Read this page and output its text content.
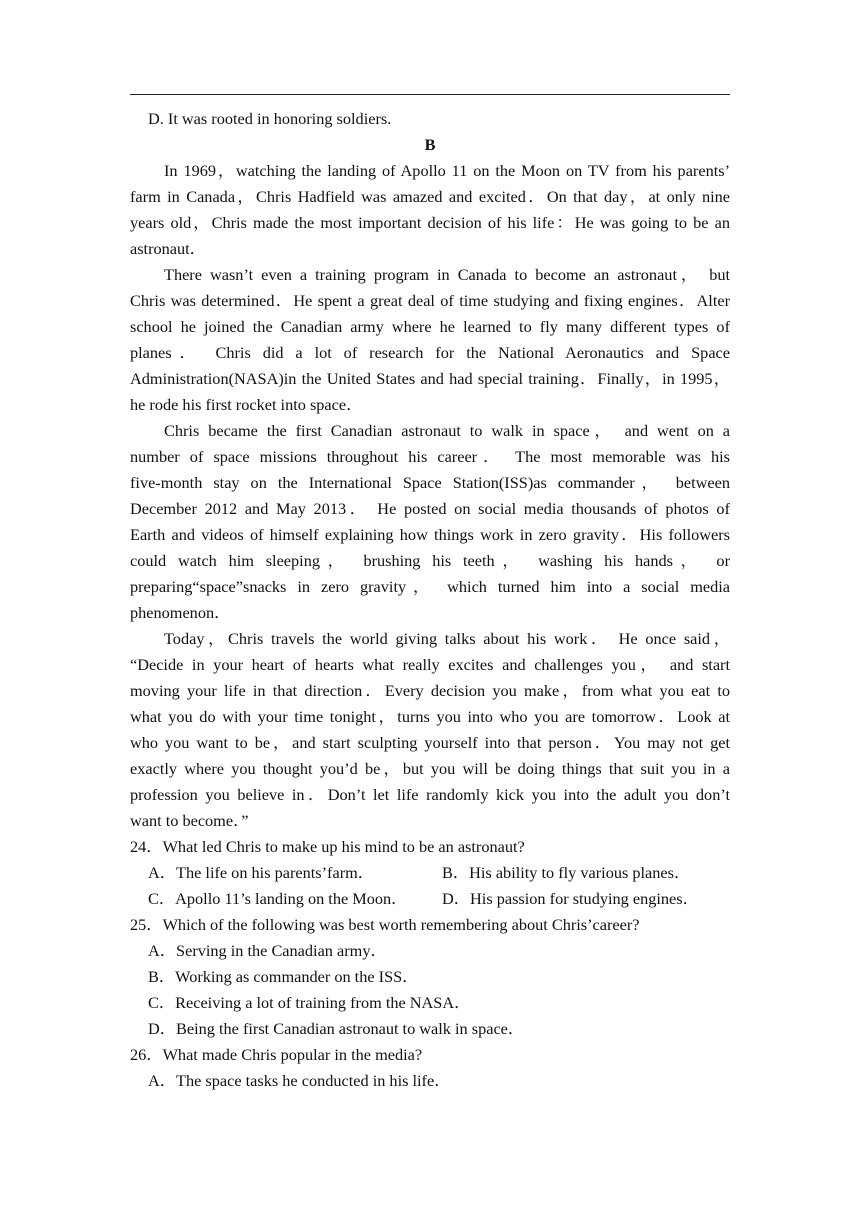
D. It was rooted in honoring soldiers.
B
In 1969，watching the landing of Apollo 11 on the Moon on TV from his parents’
farm in Canada，Chris Hadfield was amazed and excited．On that day，at only nine
years old，Chris made the most important decision of his life：He was going to be an
astronaut．
There wasn’t even a training program in Canada to become an astronaut， but
Chris was determined．He spent a great deal of time studying and fixing engines．Alter
school he joined the Canadian army where he learned to fly many different types of
planes． Chris did a lot of research for the National Aeronautics and Space
Administration(NASA)in the United States and had special training．Finally，in 1995，
he rode his first rocket into space．
Chris became the first Canadian astronaut to walk in space， and went on a
number of space missions throughout his career． The most memorable was his
five-month stay on the International Space Station(ISS)as commander， between
December 2012 and May 2013． He posted on social media thousands of photos of
Earth and videos of himself explaining how things work in zero gravity．His followers
could watch him sleeping， brushing his teeth， washing his hands， or
preparing“space”snacks in zero gravity， which turned him into a social media
phenomenon．
Today，Chris travels the world giving talks about his work． He once said，
“Decide in your heart of hearts what really excites and challenges you， and start
moving your life in that direction．Every decision you make，from what you eat to
what you do with your time tonight，turns you into who you are tomorrow．Look at
who you want to be，and start sculpting yourself into that person．You may not get
exactly where you thought you’d be，but you will be doing things that suit you in a
profession you believe in．Don’t let life randomly kick you into the adult you don’t
want to become．”
24．What led Chris to make up his mind to be an astronaut?
A．The life on his parents’farm．	B．His ability to fly various planes．
C．Apollo 11’s landing on the Moon．	D．His passion for studying engines．
25．Which of the following was best worth remembering about Chris’career?
A．Serving in the Canadian army．
B．Working as commander on the ISS．
C．Receiving a lot of training from the NASA．
D．Being the first Canadian astronaut to walk in space．
26．What made Chris popular in the media?
A．The space tasks he conducted in his life．
